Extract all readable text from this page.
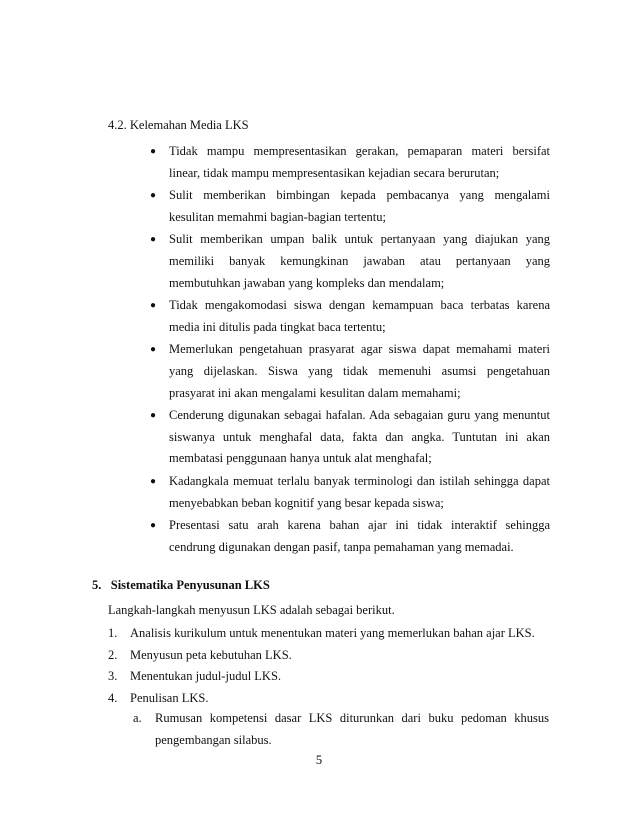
4.2. Kelemahan Media LKS
● Tidak mampu mempresentasikan gerakan, pemaparan materi bersifat
linear, tidak mampu mempresentasikan kejadian secara berurutan;
● Sulit memberikan bimbingan kepada pembacanya yang mengalami
kesulitan memahmi bagian-bagian tertentu;
● Sulit memberikan umpan balik untuk pertanyaan yang diajukan yang
memiliki banyak kemungkinan jawaban atau pertanyaan yang
membutuhkan jawaban yang kompleks dan mendalam;
● Tidak mengakomodasi siswa dengan kemampuan baca terbatas karena
media ini ditulis pada tingkat baca tertentu;
● Memerlukan pengetahuan prasyarat agar siswa dapat memahami materi
yang dijelaskan. Siswa yang tidak memenuhi asumsi pengetahuan
prasyarat ini akan mengalami kesulitan dalam memahami;
● Cenderung digunakan sebagai hafalan. Ada sebagaian guru yang menuntut
siswanya untuk menghafal data, fakta dan angka. Tuntutan ini akan
membatasi penggunaan hanya untuk alat menghafal;
● Kadangkala memuat terlalu banyak terminologi dan istilah sehingga dapat
menyebabkan beban kognitif yang besar kepada siswa;
● Presentasi satu arah karena bahan ajar ini tidak interaktif sehingga
cendrung digunakan dengan pasif, tanpa pemahaman yang memadai.
5. Sistematika Penyusunan LKS
Langkah-langkah menyusun LKS adalah sebagai berikut.
1. Analisis kurikulum untuk menentukan materi yang memerlukan bahan ajar LKS.
2. Menyusun peta kebutuhan LKS.
3. Menentukan judul-judul LKS.
4. Penulisan LKS.
a. Rumusan kompetensi dasar LKS diturunkan dari buku pedoman khusus
pengembangan silabus.
5
